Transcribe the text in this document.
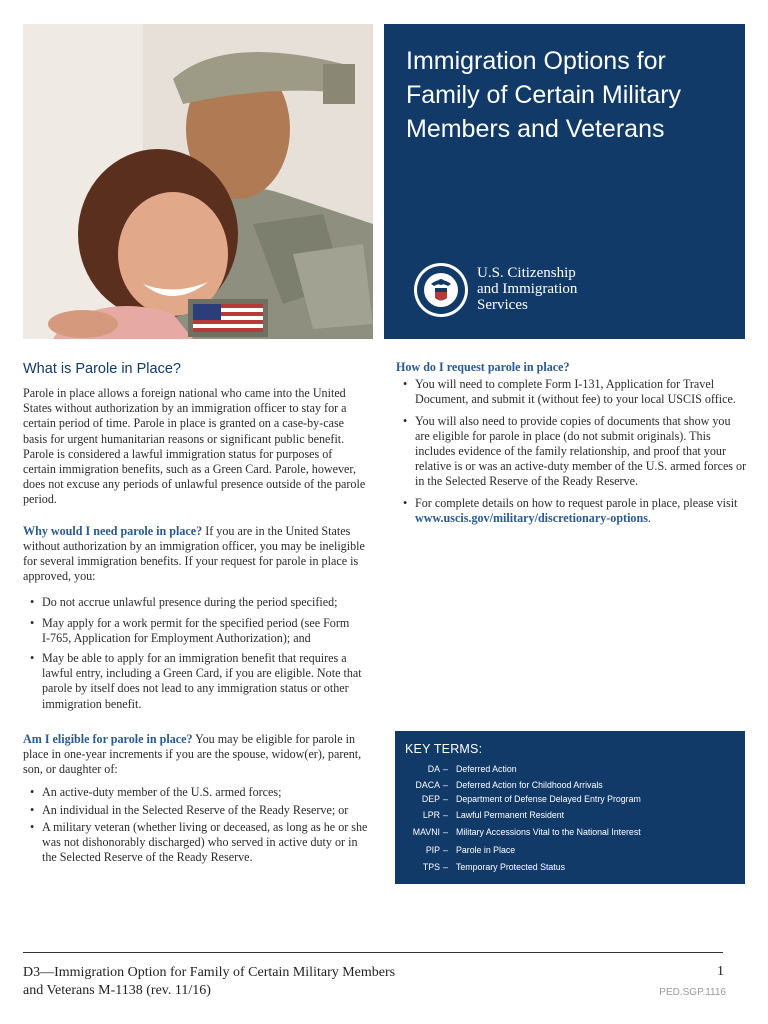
Immigration Options for Family of Certain Military Members and Veterans
U.S. Citizenship
and Immigration
Services
What is Parole in Place?

Parole in place allows a foreign national who came into the United States without authorization by an immigration officer to stay for a certain period of time. Parole in place is granted on a case-by-case basis for urgent humanitarian reasons or significant public benefit. Parole is considered a lawful immigration status for purposes of certain immigration benefits, such as a Green Card. Parole, however, does not excuse any periods of unlawful presence outside of the parole period.

Why would I need parole in place? If you are in the United States without authorization by an immigration officer, you may be ineligible for several immigration benefits. If your request for parole in place is approved, you:

• Do not accrue unlawful presence during the period specified;
• May apply for a work permit for the specified period (see Form
I-765, Application for Employment Authorization); and
• May be able to apply for an immigration benefit that requires a lawful entry, including a Green Card, if you are eligible. Note that parole by itself does not lead to any immigration status or other immigration benefit.

Am I eligible for parole in place? You may be eligible for parole in place in one-year increments if you are the spouse, widow(er), parent, son, or daughter of:

• An active-duty member of the U.S. armed forces;
• An individual in the Selected Reserve of the Ready Reserve; or
• A military veteran (whether living or deceased, as long as he or she was not dishonorably discharged) who served in active duty or in the Selected Reserve of the Ready Reserve.

How do I request parole in place?

• You will need to complete Form I-131, Application for Travel Document, and submit it (without fee) to your local USCIS office.
• You will also need to provide copies of documents that show you are eligible for parole in place (do not submit originals). This includes evidence of the family relationship, and proof that your relative is or was an active-duty member of the U.S. armed forces or in the Selected Reserve of the Ready Reserve.
• For complete details on how to request parole in place, please visit www.uscis.gov/military/discretionary-options.
KEY TERMS:
DA – Deferred Action
DACA – Deferred Action for Childhood Arrivals
DEP – Department of Defense Delayed Entry Program
LPR – Lawful Permanent Resident
MAVNI – Military Accessions Vital to the National Interest
PIP – Parole in Place
TPS – Temporary Protected Status
D3—Immigration Option for Family of Certain Military Members and Veterans M-1138 (rev. 11/16)
1
PED.SGP.1116
